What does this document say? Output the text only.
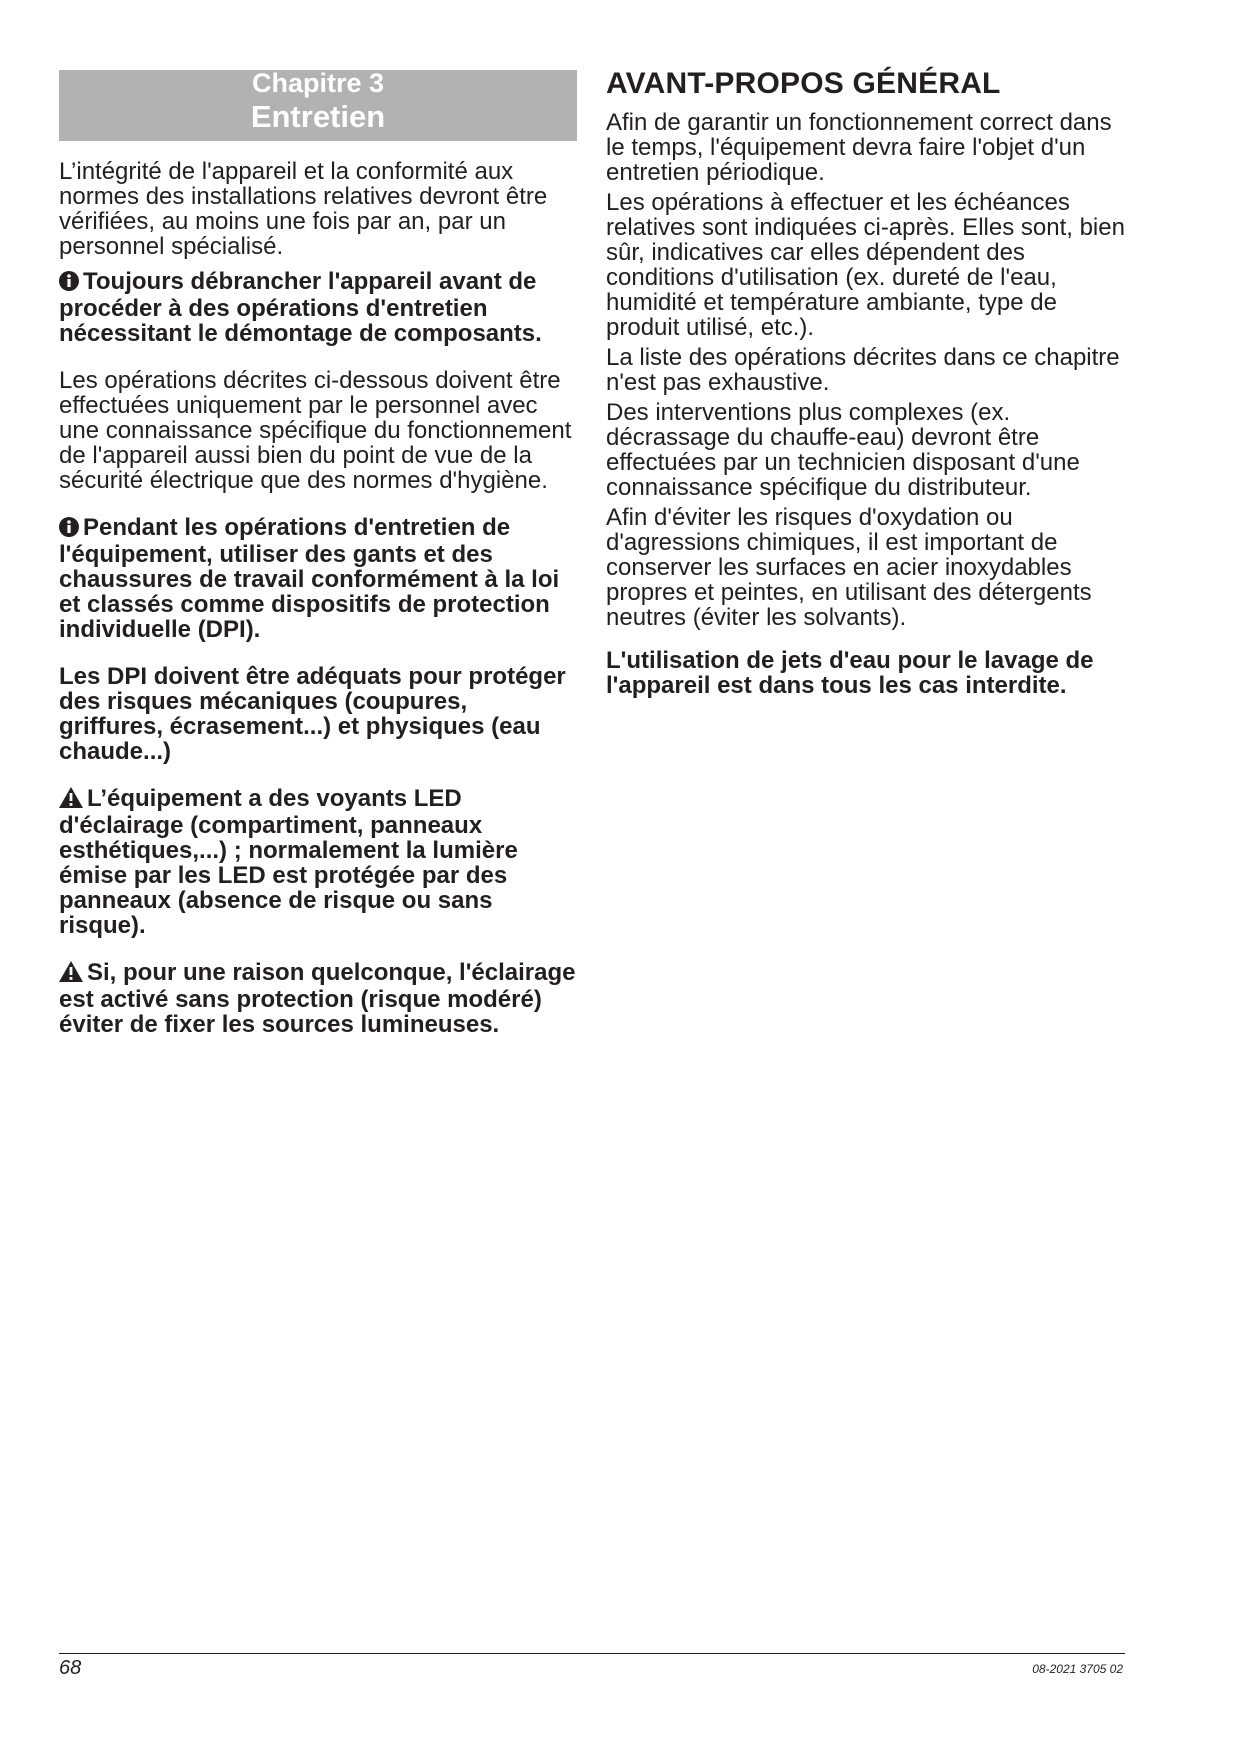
Chapitre 3
Entretien

L’intégrité de l'appareil et la conformité aux normes des installations relatives devront être vérifiées, au moins une fois par an, par un personnel spécialisé.

Toujours débrancher l'appareil avant de procéder à des opérations d'entretien nécessitant le démontage de composants.

Les opérations décrites ci-dessous doivent être effectuées uniquement par le personnel avec une connaissance spécifique du fonctionnement de l'appareil aussi bien du point de vue de la sécurité électrique que des normes d'hygiène.

Pendant les opérations d'entretien de l'équipement, utiliser des gants et des chaussures de travail conformément à la loi et classés comme dispositifs de protection individuelle (DPI).

Les DPI doivent être adéquats pour protéger des risques mécaniques (coupures, griffures, écrasement...) et physiques (eau chaude...)

L’équipement a des voyants LED d'éclairage (compartiment, panneaux esthétiques,...) ; normalement la lumière émise par les LED est protégée par des panneaux (absence de risque ou sans risque).

Si, pour une raison quelconque, l'éclairage est activé sans protection (risque modéré) éviter de fixer les sources lumineuses.

AVANT-PROPOS GÉNÉRAL

Afin de garantir un fonctionnement correct dans le temps, l'équipement devra faire l'objet d'un entretien périodique.

Les opérations à effectuer et les échéances relatives sont indiquées ci-après. Elles sont, bien sûr, indicatives car elles dépendent des conditions d'utilisation (ex. dureté de l'eau, humidité et température ambiante, type de produit utilisé, etc.).

La liste des opérations décrites dans ce chapitre n'est pas exhaustive.

Des interventions plus complexes (ex. décrassage du chauffe-eau) devront être effectuées par un technicien disposant d'une connaissance spécifique du distributeur.

Afin d'éviter les risques d'oxydation ou d'agressions chimiques, il est important de conserver les surfaces en acier inoxydables propres et peintes, en utilisant des détergents neutres (éviter les solvants).

L'utilisation de jets d'eau pour le lavage de l'appareil est dans tous les cas interdite.

68	08-2021 3705 02
